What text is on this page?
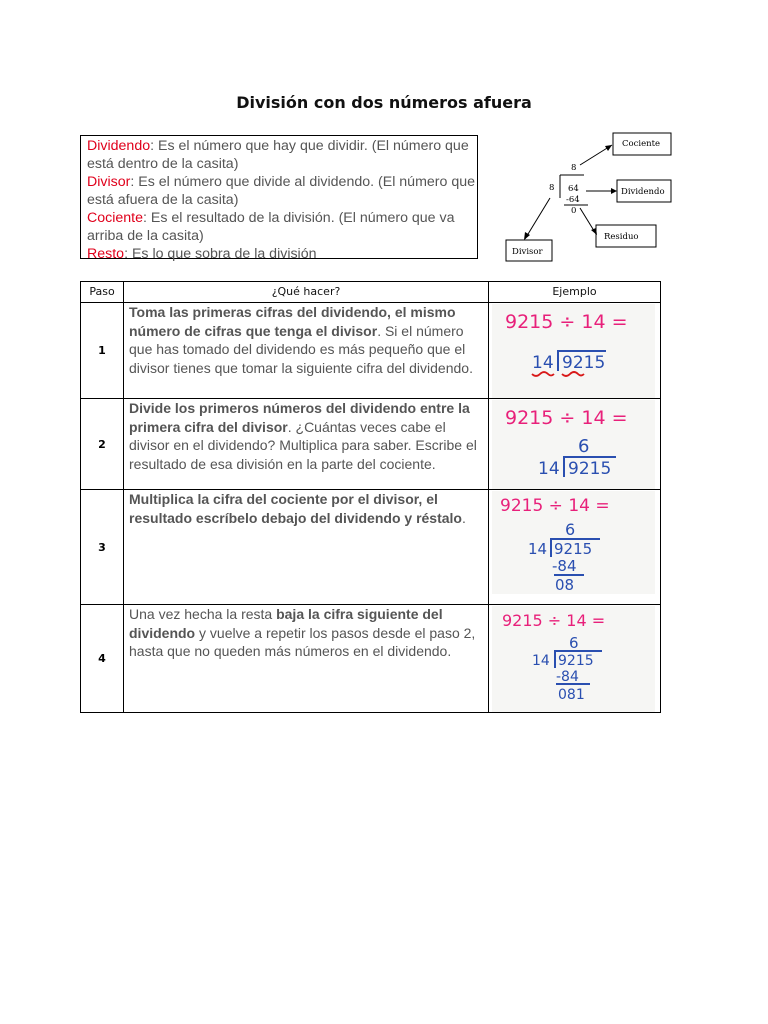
División con dos números afuera

Dividendo: Es el número que hay que dividir. (El número que está dentro de la casita)

Divisor: Es el número que divide al dividendo. (El número que está afuera de la casita)

Cociente: Es el resultado de la división. (El número que va arriba de la casita)

Resto: Es lo que sobra de la división

Cociente
Dividendo
Residuo
Divisor
8
8 64
-64
0
Paso	¿Qué hacer?	Ejemplo
1
Toma las primeras cifras del dividendo, el mismo número de cifras que tenga el divisor. Si el número que has tomado del dividendo es más pequeño que el divisor tienes que tomar la siguiente cifra del dividendo.
9215 ÷ 14 =
14 9215
2
Divide los primeros números del dividendo entre la primera cifra del divisor. ¿Cuántas veces cabe el divisor en el dividendo? Multiplica para saber. Escribe el resultado de esa división en la parte del cociente.
9215 ÷ 14 =
6
14 9215
3
Multiplica la cifra del cociente por el divisor, el resultado escríbelo debajo del dividendo y réstalo.
9215 ÷ 14 =
6
14 9215
-84
08
4
Una vez hecha la resta baja la cifra siguiente del dividendo y vuelve a repetir los pasos desde el paso 2, hasta que no queden más números en el dividendo.
9215 ÷ 14 =
6
14 9215
-84
081
